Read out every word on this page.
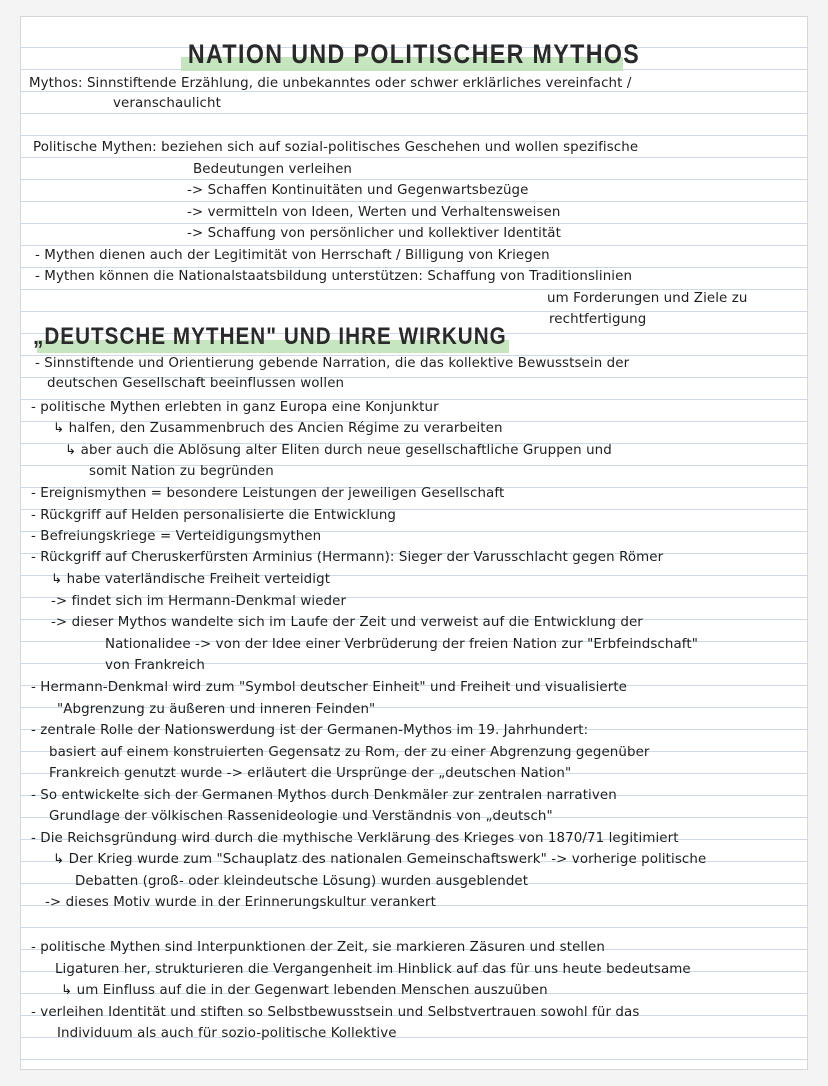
NATION UND POLITISCHER MYTHOS
Mythos: Sinnstiftende Erzählung, die unbekanntes oder schwer erklärliches vereinfacht /
veranschaulicht
Politische Mythen: beziehen sich auf sozial-politisches Geschehen und wollen spezifische
Bedeutungen verleihen
-> Schaffen Kontinuitäten und Gegenwartsbezüge
-> vermitteln von Ideen, Werten und Verhaltensweisen
-> Schaffung von persönlicher und kollektiver Identität
- Mythen dienen auch der Legitimität von Herrschaft / Billigung von Kriegen
- Mythen können die Nationalstaatsbildung unterstützen: Schaffung von Traditionslinien
um Forderungen und Ziele zu
rechtfertigung
„DEUTSCHE MYTHEN" UND IHRE WIRKUNG
- Sinnstiftende und Orientierung gebende Narration, die das kollektive Bewusstsein der
deutschen Gesellschaft beeinflussen wollen
- politische Mythen erlebten in ganz Europa eine Konjunktur
↳ halfen, den Zusammenbruch des Ancien Régime zu verarbeiten
↳ aber auch die Ablösung alter Eliten durch neue gesellschaftliche Gruppen und
somit Nation zu begründen
- Ereignismythen = besondere Leistungen der jeweiligen Gesellschaft
- Rückgriff auf Helden personalisierte die Entwicklung
- Befreiungskriege = Verteidigungsmythen
- Rückgriff auf Cheruskerfürsten Arminius (Hermann): Sieger der Varusschlacht gegen Römer
↳ habe vaterländische Freiheit verteidigt
-> findet sich im Hermann-Denkmal wieder
-> dieser Mythos wandelte sich im Laufe der Zeit und verweist auf die Entwicklung der
Nationalidee -> von der Idee einer Verbrüderung der freien Nation zur "Erbfeindschaft"
von Frankreich
- Hermann-Denkmal wird zum "Symbol deutscher Einheit" und Freiheit und visualisierte
"Abgrenzung zu äußeren und inneren Feinden"
- zentrale Rolle der Nationswerdung ist der Germanen-Mythos im 19. Jahrhundert:
basiert auf einem konstruierten Gegensatz zu Rom, der zu einer Abgrenzung gegenüber
Frankreich genutzt wurde -> erläutert die Ursprünge der „deutschen Nation"
- So entwickelte sich der Germanen Mythos durch Denkmäler zur zentralen narrativen
Grundlage der völkischen Rassenideologie und Verständnis von „deutsch"
- Die Reichsgründung wird durch die mythische Verklärung des Krieges von 1870/71 legitimiert
↳ Der Krieg wurde zum "Schauplatz des nationalen Gemeinschaftswerk" -> vorherige politische
Debatten (groß- oder kleindeutsche Lösung) wurden ausgeblendet
-> dieses Motiv wurde in der Erinnerungskultur verankert
- politische Mythen sind Interpunktionen der Zeit, sie markieren Zäsuren und stellen
Ligaturen her, strukturieren die Vergangenheit im Hinblick auf das für uns heute bedeutsame
↳ um Einfluss auf die in der Gegenwart lebenden Menschen auszuüben
- verleihen Identität und stiften so Selbstbewusstsein und Selbstvertrauen sowohl für das
Individuum als auch für sozio-politische Kollektive
